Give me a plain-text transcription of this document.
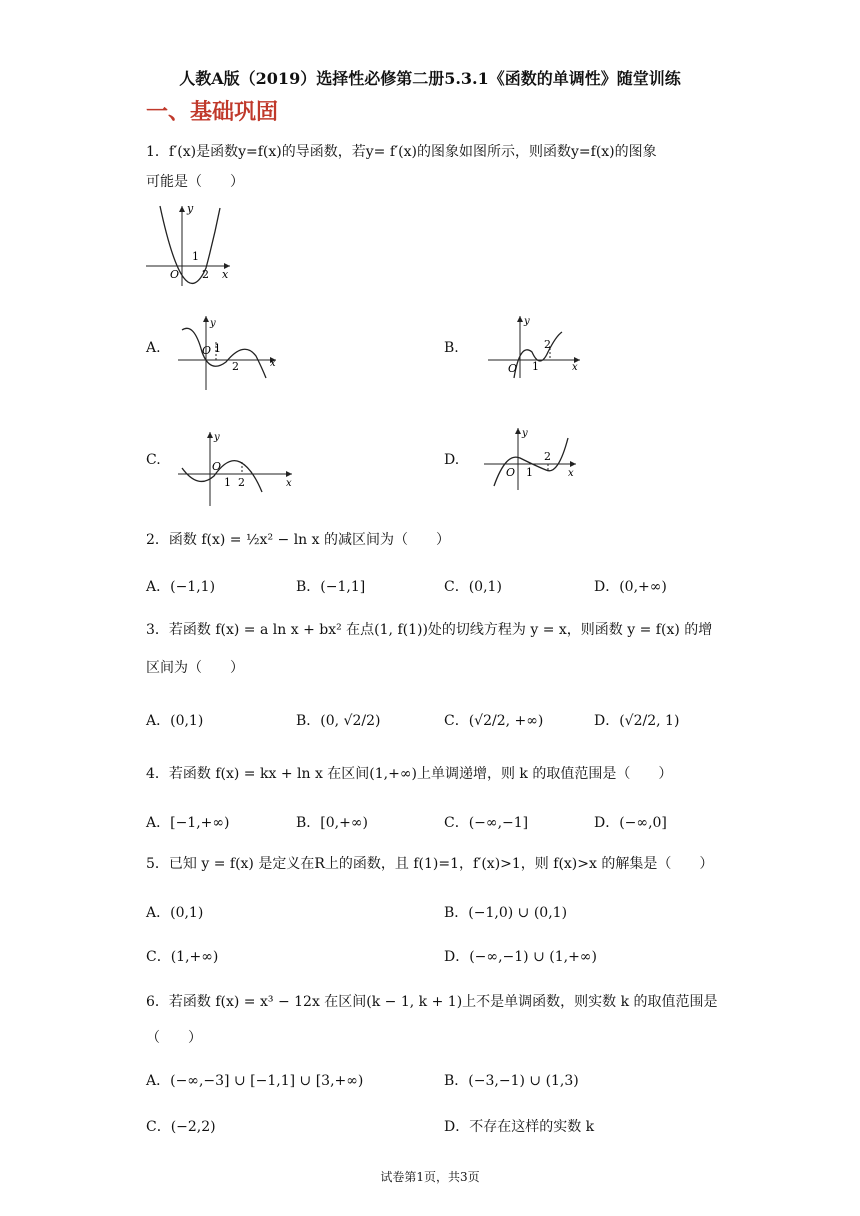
人教A版（2019）选择性必修第二册5.3.1《函数的单调性》随堂训练
一、基础巩固
1．f′(x)是函数y=f(x)的导函数，若y= f′(x)的图象如图所示，则函数y=f(x)的图象
可能是（　　）
y
O
1
2 x
A.
y
O 1
2	x
B.
y
O 1
2
x
C.
y
O
1 2	x
D.
y
O 1
2
x
2．函数 f(x) = ½x² − ln x 的减区间为（　　）
A．(−1,1)	B．(−1,1]	C．(0,1)	D．(0,+∞)
3．若函数 f(x) = a ln x + bx² 在点(1, f(1))处的切线方程为 y = x，则函数 y = f(x) 的增
区间为（　　）
A．(0,1)	B．(0, √2/2)	C．(√2/2, +∞)	D．(√2/2, 1)
4．若函数 f(x) = kx + ln x 在区间(1,+∞)上单调递增，则 k 的取值范围是（　　）
A．[−1,+∞)	B．[0,+∞)	C．(−∞,−1]	D．(−∞,0]
5．已知 y = f(x) 是定义在R上的函数，且 f(1)=1，f′(x)>1，则 f(x)>x 的解集是（　　）
A．(0,1)	B．(−1,0) ∪ (0,1)
C．(1,+∞)	D．(−∞,−1) ∪ (1,+∞)
6．若函数 f(x) = x³ − 12x 在区间(k − 1, k + 1)上不是单调函数，则实数 k 的取值范围是
（　　）
A．(−∞,−3] ∪ [−1,1] ∪ [3,+∞)	B．(−3,−1) ∪ (1,3)
C．(−2,2)	D．不存在这样的实数 k
试卷第1页，共3页
